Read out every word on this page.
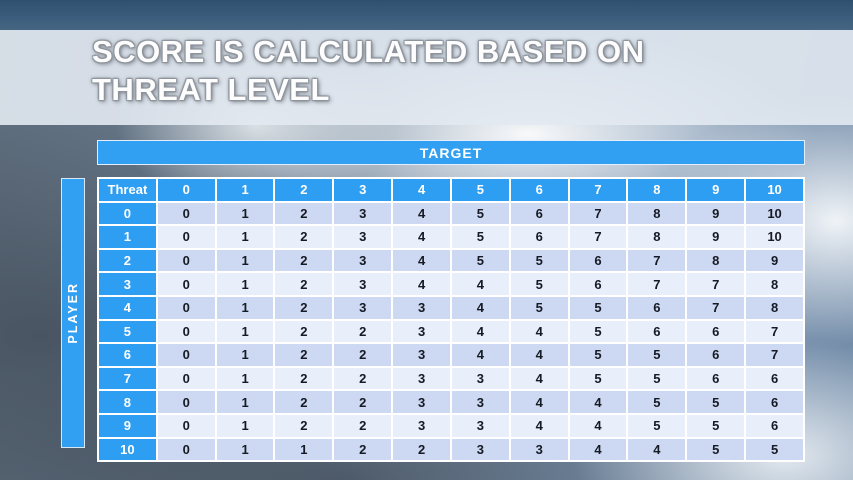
SCORE IS CALCULATED BASED ON
THREAT LEVEL
TARGET
PLAYER
Threat	0	1	2	3	4	5	6	7	8	9	10
0	0	1	2	3	4	5	6	7	8	9	10
1	0	1	2	3	4	5	6	7	8	9	10
2	0	1	2	3	4	5	5	6	7	8	9
3	0	1	2	3	4	4	5	6	7	7	8
4	0	1	2	3	3	4	5	5	6	7	8
5	0	1	2	2	3	4	4	5	6	6	7
6	0	1	2	2	3	4	4	5	5	6	7
7	0	1	2	2	3	3	4	5	5	6	6
8	0	1	2	2	3	3	4	4	5	5	6
9	0	1	2	2	3	3	4	4	5	5	6
10	0	1	1	2	2	3	3	4	4	5	5
